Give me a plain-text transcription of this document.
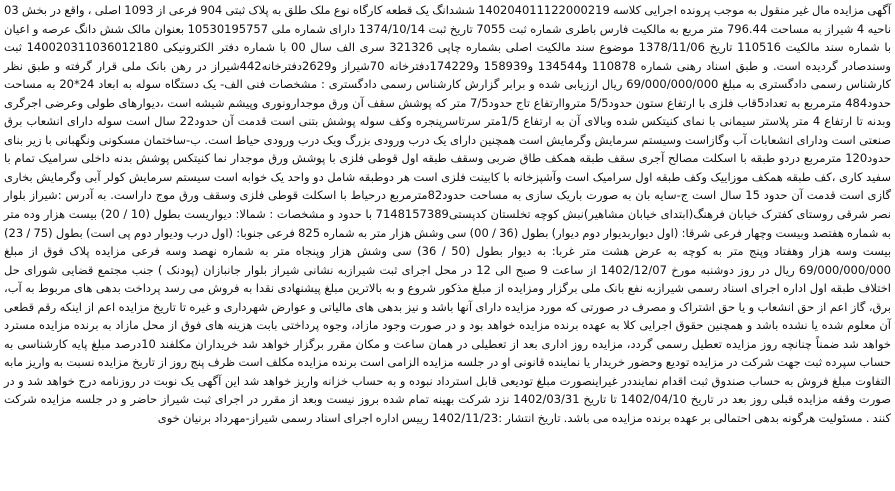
آگهی مزایده مال غیر منقول به موجب پرونده اجرایی کلاسه 140204011122000219 ششدانگ یک قطعه کارگاه نوع ملک طلق به پلاک ثبتی 904 فرعی از 1093 اصلی ، واقع در بخش 03 ناحیه 4 شیراز به مساحت 796.44 متر مربع به مالکیت فارس باطری شماره ثبت 7055 تاریخ ثبت 1374/10/14 دارای شماره ملی 10530195757 بعنوان مالک شش دانگ عرصه و اعیان با شماره سند مالکیت 110516 تاریخ 1378/11/06 موضوع سند مالکیت اصلی بشماره چاپی 321326 سری الف سال 00 با شماره دفتر الکترونیکی 140020311036012180 ثبت وسندصادر گردیده است. و طبق اسناد رهنی شماره 110878 و134544 و158939 و174229دفترخانه 70شیراز و2629دفترخانه442شیراز در رهن بانک ملی قرار گرفته و طبق نظر کارشناس رسمی دادگستری به مبلغ 69/000/000/000 ریال ارزیابی شده و برابر گزارش کارشناس رسمی دادگستری : مشخصات فنی الف- یک دستگاه سوله به ابعاد 24*20 به مساحت حدود484 مترمربع به تعداد5قاب فلزی با ارتفاع ستون حدود5/5 مترواارتفاع تاج حدود7/5 متر که پوشش سقف آن ورق موجدارونوری وپیشم شیشه است ،دیوارهای طولی وعرضی اجرگری وبدنه تا ارتفاع 4 متر پلاستر سیمانی با نمای کنیتکس شده وبالای آن به ارتفاع 1/5متر سرتاسرپنجره وکف سوله پوشش بتنی است قدمت آن حدود22 سال است سوله دارای انشعاب برق صنعتی است ودارای انشعابات آب وگازاست وسیستم سرمایش وگرمایش است همچنین دارای یک درب ورودی بزرگ ویک درب ورودی حیاط است. ب-ساختمان مسکونی ونگهبانی با زیر بنای حدود120 مترمربع دردو طبقه با اسکلت مصالح آجری سقف طبقه همکف طاق ضربی وسقف طبقه اول قوطی فلزی با پوشش ورق موجدار نما کنیتکس پوشش بدنه داخلی سرامیک تمام با سفید کاری ،کف طبقه همکف موزاییک وکف طبقه اول سرامیک است وآشپزخانه با کابینت فلزی است هر دوطبقه شامل دو واحد یک خوابه است سیستم سرمایش کولر آبی وگرمایش بخاری گازی است قدمت آن حدود 15 سال است ج-سایه بان به صورت باریک سازی به مساحت حدود82مترمربع درحیاط با اسکلت قوطی فلزی وسقف ورق موج داراست. به آدرس :شیراز بلوار نصر شرقی روستای کفترک خیابان فرهنگ(ابتدای خیابان مشاهیر)نبش کوچه تخلستان کدپستی7148157389 با حدود و مشخصات : شمالا: دیواریست بطول (10 / 20) بیست هزار وده متر به شماره هفتصد وبیست وچهار فرعی شرقا: (اول دیواربدیوار دوم دیوار) بطول (36 / 00) سی وشش هزار متر به شماره 825 فرعی جنوبا: (اول درب ودیوار دوم پی است) بطول (75 / 23) بیست وسه هزار وهفتاد وپنج متر به کوچه به عرض هشت متر غربا: به دیوار بطول (50 / 36) سی وشش هزار وپنجاه متر به شماره نهصد وسه فرعی مزایده پلاک فوق از مبلغ 69/000/000/000 ریال در روز دوشنبه مورخ 1402/12/07 از ساعت 9 صبح الی 12 در محل اجرای ثبت شیرازبه نشانی شیراز بلوار جانبازان (پودنک ) جنب مجتمع قضایی شورای حل اختلاف طبقه اول اداره اجرای اسناد رسمی شیرازبه نفع بانک ملی برگزار ومزایده از مبلغ مذکور شروع و به بالاترین مبلغ پیشنهادی نقدا به فروش می رسد پرداخت بدهی های مربوط به آب، برق، گاز اعم از حق انشعاب و یا حق اشتراک و مصرف در صورتی که مورد مزایده دارای آنها باشد و نیز بدهی های مالیاتی و عوارض شهرداری و غیره تا تاریخ مزایده اعم از اینکه رقم قطعی آن معلوم شده یا نشده باشد و همچنین حقوق اجرایی کلا به عهده برنده مزایده خواهد بود و در صورت وجود مازاد، وجوه پرداختی بابت هزینه های فوق از محل مازاد به برنده مزایده مسترد خواهد شد ضمناً چنانچه روز مزایده تعطیل رسمی گردد، مزایده روز اداری بعد از تعطیلی در همان ساعت و مکان مقرر برگزار خواهد شد خریداران مکلفند 10درصد مبلغ پایه کارشناسی به حساب سپرده ثبت جهت شرکت در مزایده تودیع وحضور خریدار یا نماینده قانونی او در جلسه مزایده الزامی است برنده مزایده مکلف است ظرف پنج روز از تاریخ مزایده نسبت به واریز مابه التفاوت مبلغ فروش به حساب صندوق ثبت اقدام نماینددر غیراینصورت مبلغ تودیعی قابل استرداد نبوده و به حساب خزانه واریز خواهد شد این آگهی یک نوبت در روزنامه درج خواهد شد و در صورت وقفه مزایده قبلی روز بعد در تاریخ 1402/04/10 تا تاریخ 1402/03/31 نزد شرکت بهینه تمام شده بروز نیست وبعد از مقرر در اجرای ثبت شیراز حاضر و در جلسه مزایده شرکت کنند . مسئولیت هرگونه بدهی احتمالی بر عهده برنده مزایده می باشد. تاریخ انتشار :1402/11/23 رییس اداره اجرای اسناد رسمی شیراز-مهرداد برنیان خوی
